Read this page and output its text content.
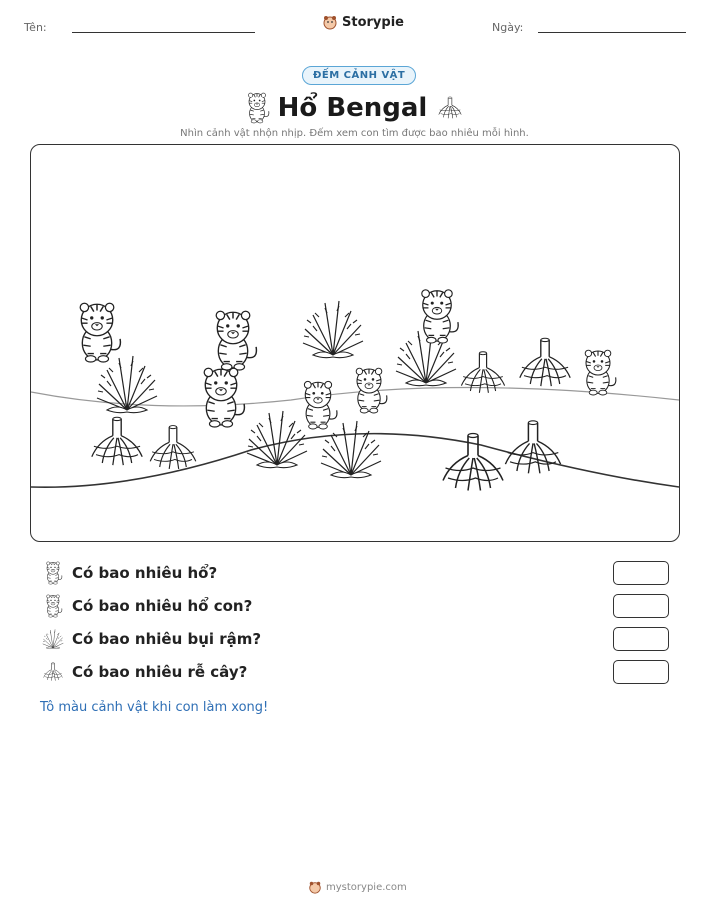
Tên:	Storypie	Ngày:
ĐẾM CẢNH VẬT
Hổ Bengal
Nhìn cảnh vật nhộn nhịp. Đếm xem con tìm được bao nhiêu mỗi hình.
Có bao nhiêu hổ?
Có bao nhiêu hổ con?
Có bao nhiêu bụi rậm?
Có bao nhiêu rễ cây?
Tô màu cảnh vật khi con làm xong!
mystorypie.com
